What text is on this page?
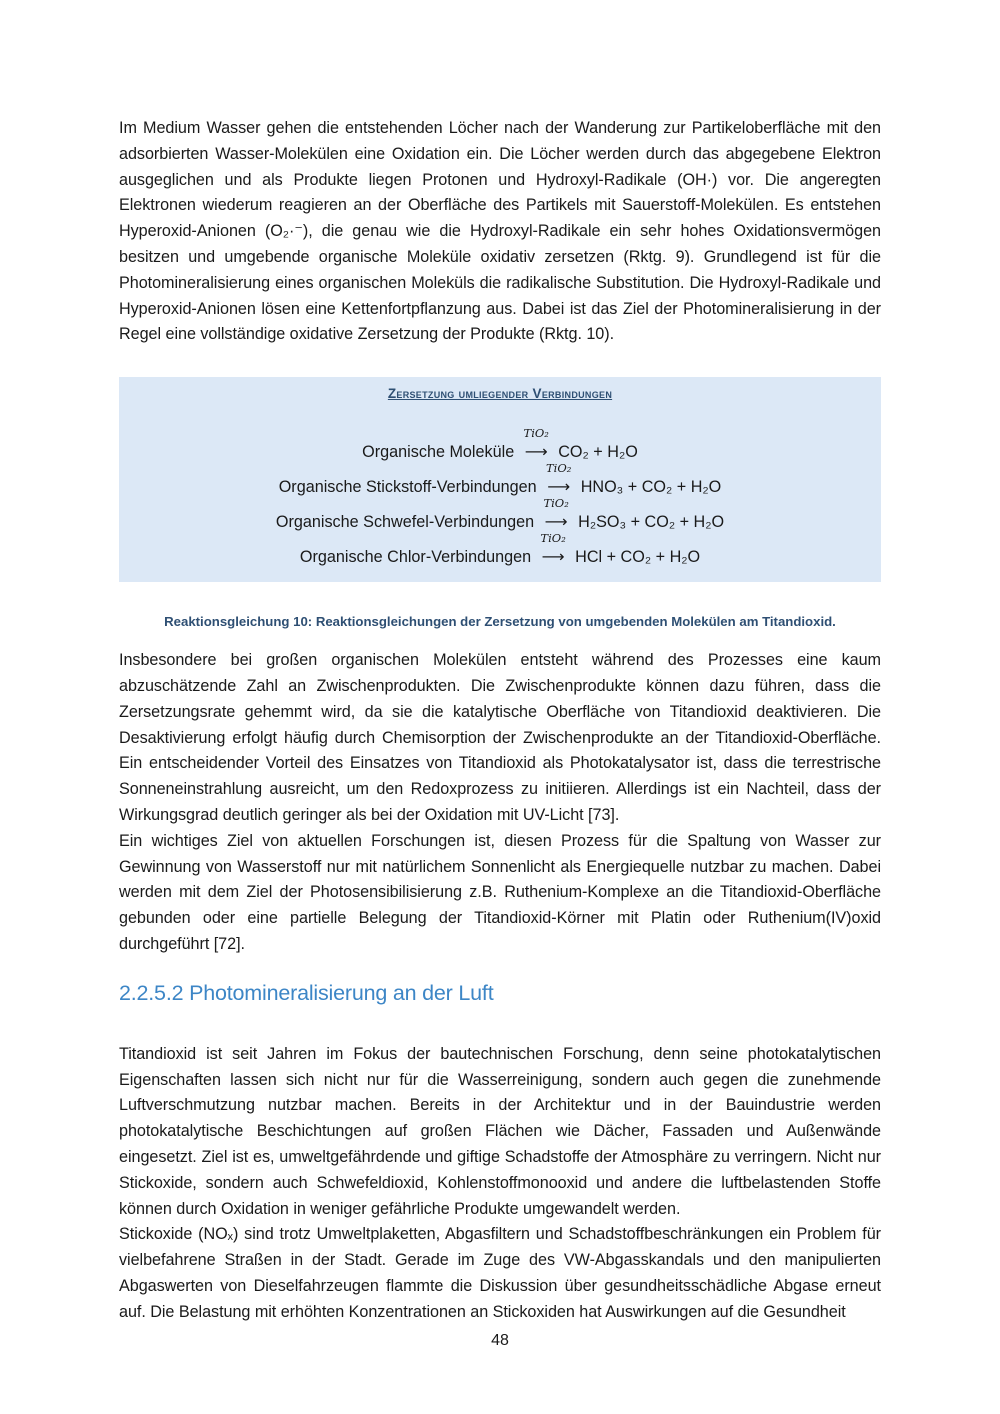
Im Medium Wasser gehen die entstehenden Löcher nach der Wanderung zur Partikeloberfläche mit den adsorbierten Wasser-Molekülen eine Oxidation ein. Die Löcher werden durch das abgegebene Elektron ausgeglichen und als Produkte liegen Protonen und Hydroxyl-Radikale (OH·) vor. Die angeregten Elektronen wiederum reagieren an der Oberfläche des Partikels mit Sauerstoff-Molekülen. Es entstehen Hyperoxid-Anionen (O₂·⁻), die genau wie die Hydroxyl-Radikale ein sehr hohes Oxidationsvermögen besitzen und umgebende organische Moleküle oxidativ zersetzen (Rktg. 9). Grundlegend ist für die Photomineralisierung eines organischen Moleküls die radikalische Substitution. Die Hydroxyl-Radikale und Hyperoxid-Anionen lösen eine Kettenfortpflanzung aus. Dabei ist das Ziel der Photomineralisierung in der Regel eine vollständige oxidative Zersetzung der Produkte (Rktg. 10).

Zersetzung umliegender Verbindungen
Organische Moleküle
TiO₂
⟶ CO₂ + H₂O
Organische Stickstoff-Verbindungen
TiO₂
⟶ HNO₃ + CO₂ + H₂O
Organische Schwefel-Verbindungen
TiO₂
⟶ H₂SO₃ + CO₂ + H₂O
Organische Chlor-Verbindungen
TiO₂
⟶ HCl + CO₂ + H₂O
Reaktionsgleichung 10: Reaktionsgleichungen der Zersetzung von umgebenden Molekülen am Titandioxid.

Insbesondere bei großen organischen Molekülen entsteht während des Prozesses eine kaum abzuschätzende Zahl an Zwischenprodukten. Die Zwischenprodukte können dazu führen, dass die Zersetzungsrate gehemmt wird, da sie die katalytische Oberfläche von Titandioxid deaktivieren. Die Desaktivierung erfolgt häufig durch Chemisorption der Zwischenprodukte an der Titandioxid-Oberfläche. Ein entscheidender Vorteil des Einsatzes von Titandioxid als Photokatalysator ist, dass die terrestrische Sonneneinstrahlung ausreicht, um den Redoxprozess zu initiieren. Allerdings ist ein Nachteil, dass der Wirkungsgrad deutlich geringer als bei der Oxidation mit UV-Licht [73].

Ein wichtiges Ziel von aktuellen Forschungen ist, diesen Prozess für die Spaltung von Wasser zur Gewinnung von Wasserstoff nur mit natürlichem Sonnenlicht als Energiequelle nutzbar zu machen. Dabei werden mit dem Ziel der Photosensibilisierung z.B. Ruthenium-Komplexe an die Titandioxid-Oberfläche gebunden oder eine partielle Belegung der Titandioxid-Körner mit Platin oder Ruthenium(IV)oxid durchgeführt [72].

2.2.5.2 Photomineralisierung an der Luft

Titandioxid ist seit Jahren im Fokus der bautechnischen Forschung, denn seine photokatalytischen Eigenschaften lassen sich nicht nur für die Wasserreinigung, sondern auch gegen die zunehmende Luftverschmutzung nutzbar machen. Bereits in der Architektur und in der Bauindustrie werden photokatalytische Beschichtungen auf großen Flächen wie Dächer, Fassaden und Außenwände eingesetzt. Ziel ist es, umweltgefährdende und giftige Schadstoffe der Atmosphäre zu verringern. Nicht nur Stickoxide, sondern auch Schwefeldioxid, Kohlenstoffmonooxid und andere die luftbelastenden Stoffe können durch Oxidation in weniger gefährliche Produkte umgewandelt werden.

Stickoxide (NOₓ) sind trotz Umweltplaketten, Abgasfiltern und Schadstoffbeschränkungen ein Problem für vielbefahrene Straßen in der Stadt. Gerade im Zuge des VW-Abgasskandals und den manipulierten Abgaswerten von Dieselfahrzeugen flammte die Diskussion über gesundheitsschädliche Abgase erneut auf. Die Belastung mit erhöhten Konzentrationen an Stickoxiden hat Auswirkungen auf die Gesundheit

48
